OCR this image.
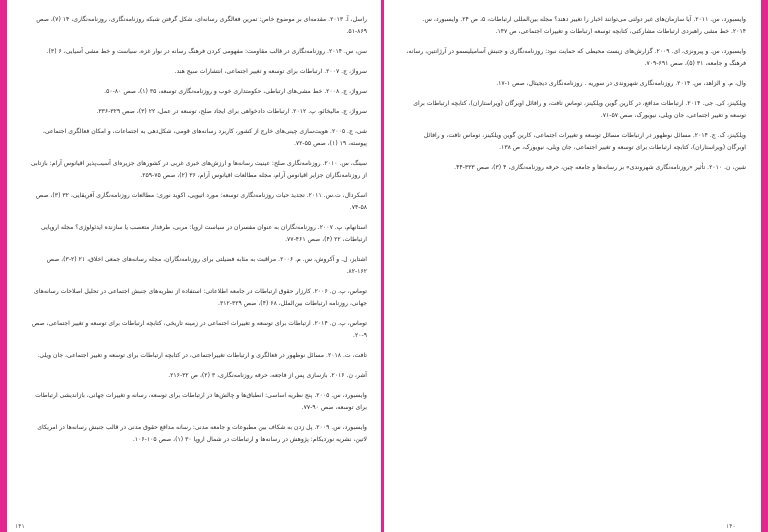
راسل، آ. ۲۰۱۳. مقدمه‌ای بر موضوع خاص: تمرین فعالگری رسانه‌ای، شکل گرفتن شبکه روزنامه‌نگاری، روزنامه‌نگاری، ۱۴ (۷)، صص ۸۶۹-۵۱.

سن، س. ۲۰۱۴. روزنامه‌نگاری در قالب مقاومت: مفهومی کردن فرهنگ رسانه در نوار غزه، سیاست و خط مشی آسیایی، ۶ (۳).

سرواژ، ج. ۲۰۰۷. ارتباطات برای توسعه و تغییر اجتماعی، انتشارات سیج هند.

سرواژ، ج. ۲۰۰۸. خط مشی‌های ارتباطی، حکومتداری خوب و روزنامه‌نگاری توسعه، ۳۵ (۱)، صص ۸۰-۵۰.

سرواژ، ج. مالیخائو، پ. ۲۰۱۲. ارتباطات داد‌خواهی برای ایجاد صلح، توسعه در عمل، ۲۲ (۳)، صص ۳۲۹-۳۳۶.

شی، ج. ۲۰۰۵. هویت‌سازی چینی‌های خارج از کشور، کاربرد رسانه‌های قومی، شکل‌دهی به اجتماعات، و امکان فعالگری اجتماعی، پیوسته، ۱۹ (۱)، صص ۵۵-۷۲.

سینگ، س. ۲۰۱۰. روزنامه‌نگاری صلح: عینیت رسانه‌ها و ارزش‌های خبری غربی در کشورهای جزیره‌ای آسیب‌پذیر اقیانوس آرام: بازتابی از روزنامه‌نگاران جزایر اقیانوس آرام، مجله مطالعات اقیانوس آرام، ۳۶ (۲)، صص ۷۵-۲۵۹.

اسکردال، ت.س. ۲۰۱۱. تجدید حیات روزنامه‌نگاری توسعه: مورد اتیوپی، اکوید نوری: مطالعات روزنامه‌نگاری آفریقایی، ۳۲ (۳)، صص ۵۸-۷۴.

استانهام، پ. ۲۰۰۷. روزنامه‌نگاران به عنوان مفسران در سیاست اروپا: مربی، طرفدار متعصب یا سازنده ایدئولوژی؟ مجله اروپایی ارتباطات، ۲۲ (۴)، صص ۴۶۱-۷۷.

اشتایز، ل. و آکروش، س. م. ۲۰۰۶. مراقبت به مثابه فضیلتی برای روزنامه‌نگاران، مجله رسانه‌های جمعی اخلاق، ۲۱ (۲-۳)، صص ۱۶۲-۸۲.

توماس، پ. ن. ۲۰۰۶. کارزار حقوق ارتباطات در جامعه اطلاعاتی: استفاده از نظریه‌های جنبش اجتماعی در تحلیل اصلاحات رسانه‌های جهانی، روزنامه ارتباطات بین‌الملل، ۶۸ (۴)، صص ۳۲۹-۳۱۲.

توماس، پ. ن. ۲۰۱۴. ارتباطات برای توسعه و تغییرات اجتماعی در زمینه تاریخی، کتابچه ارتباطات برای توسعه و تغییر اجتماعی، صص ۹-۲۰.

تافت، ت. ۲۰۱۸. مسائل نوظهور در فعالگری و ارتباطات تغییر‌اجتماعی، در کتابچه ارتباطات برای توسعه و تغییر اجتماعی، جان ویلی.

آشر، ن. ۲۰۱۶. بازسازی پس از فاجعه، حرفه روزنامه‌نگاری، ۳ (۲)، ص ۳۲-۲۱۶.

وایسبورد، س. ۲۰۰۵. پنج نظریه اساسی: انطباق‌ها و چالش‌ها در ارتباطات برای توسعه، رسانه و تغییرات جهانی، بازاندیشی ارتباطات برای توسعه، صص ۹۰-۷۷.

وایسبورد، س. ۲۰۰۹. پل زدن به شکاف بین مطبوعات و جامعه مدنی: رسانه مدافع حقوق مدنی در قالب جنبش رسانه‌ها در امریکای لاتین، نشریه نوردیکام: پژوهش در رسانه‌ها و ارتباطات در شمال اروپا ۳۰ (۱)، صص ۱۰۵-۱۰۶.

۱۴۱

وایسبورد، س. ۲۰۱۱. آیا سازمان‌های غیر دولتی می‌توانند اخبار را تغییر دهند؟ مجله بین‌المللی ارتباطات، ۵، ص ۲۴. وایسبورد، س. ۲۰۱۴. خط مشی راهبردی ارتباطات مشارکتی، کتابچه توسعه ارتباطات و تغییرات اجتماعی، ص ۱۴۷.

وایسبورد، س. و پیرونزی، ای. ۲۰۰۹. گزارش‌های زیست محیطی که حمایت نبود: روزنامه‌نگاری و جنبش آسامیلیسمو در آرژانتین، رسانه، فرهنگ و جامعه، ۳۱ (۵)، صص ۶۹۱-۷۰۹.

وال، م. و الزاهد، س. ۲۰۱۴. روزنامه‌نگاری شهروندی در سوریه . روزنامه‌نگاری دیجیتال، صص ۱-۱۷.

ویلکینز، کی. جی. ۲۰۱۴. ارتباطات مدافع، در کارین گوین ویلکینز، توماس تافت، و رافائل اوبرگان (ویراستاران)، کتابچه ارتباطات برای توسعه و تغییر اجتماعی، جان ویلی، نیویورک، صص ۵۷-۷۱.

ویلکینز، ک. ج. ۲۰۱۴. مسائل نوظهور در ارتباطات مسائل توسعه و تغییرات اجتماعی، کارین گوین ویلکینز، توماس تافت، و رافائل اوبرگان (ویراستاران)، کتابچه ارتباطات برای توسعه و تغییر اجتماعی، جان ویلی، نیویورک، ص ۱۳۸.

شین، ن. ۲۰۱۰. تأثیر «روزنامه‌نگاری شهروندی» بر رسانه‌ها و جامعه چین، حرفه روزنامه‌نگاری، ۴ (۳)، صص ۳۳۳-۴۴.

۱۴۰
